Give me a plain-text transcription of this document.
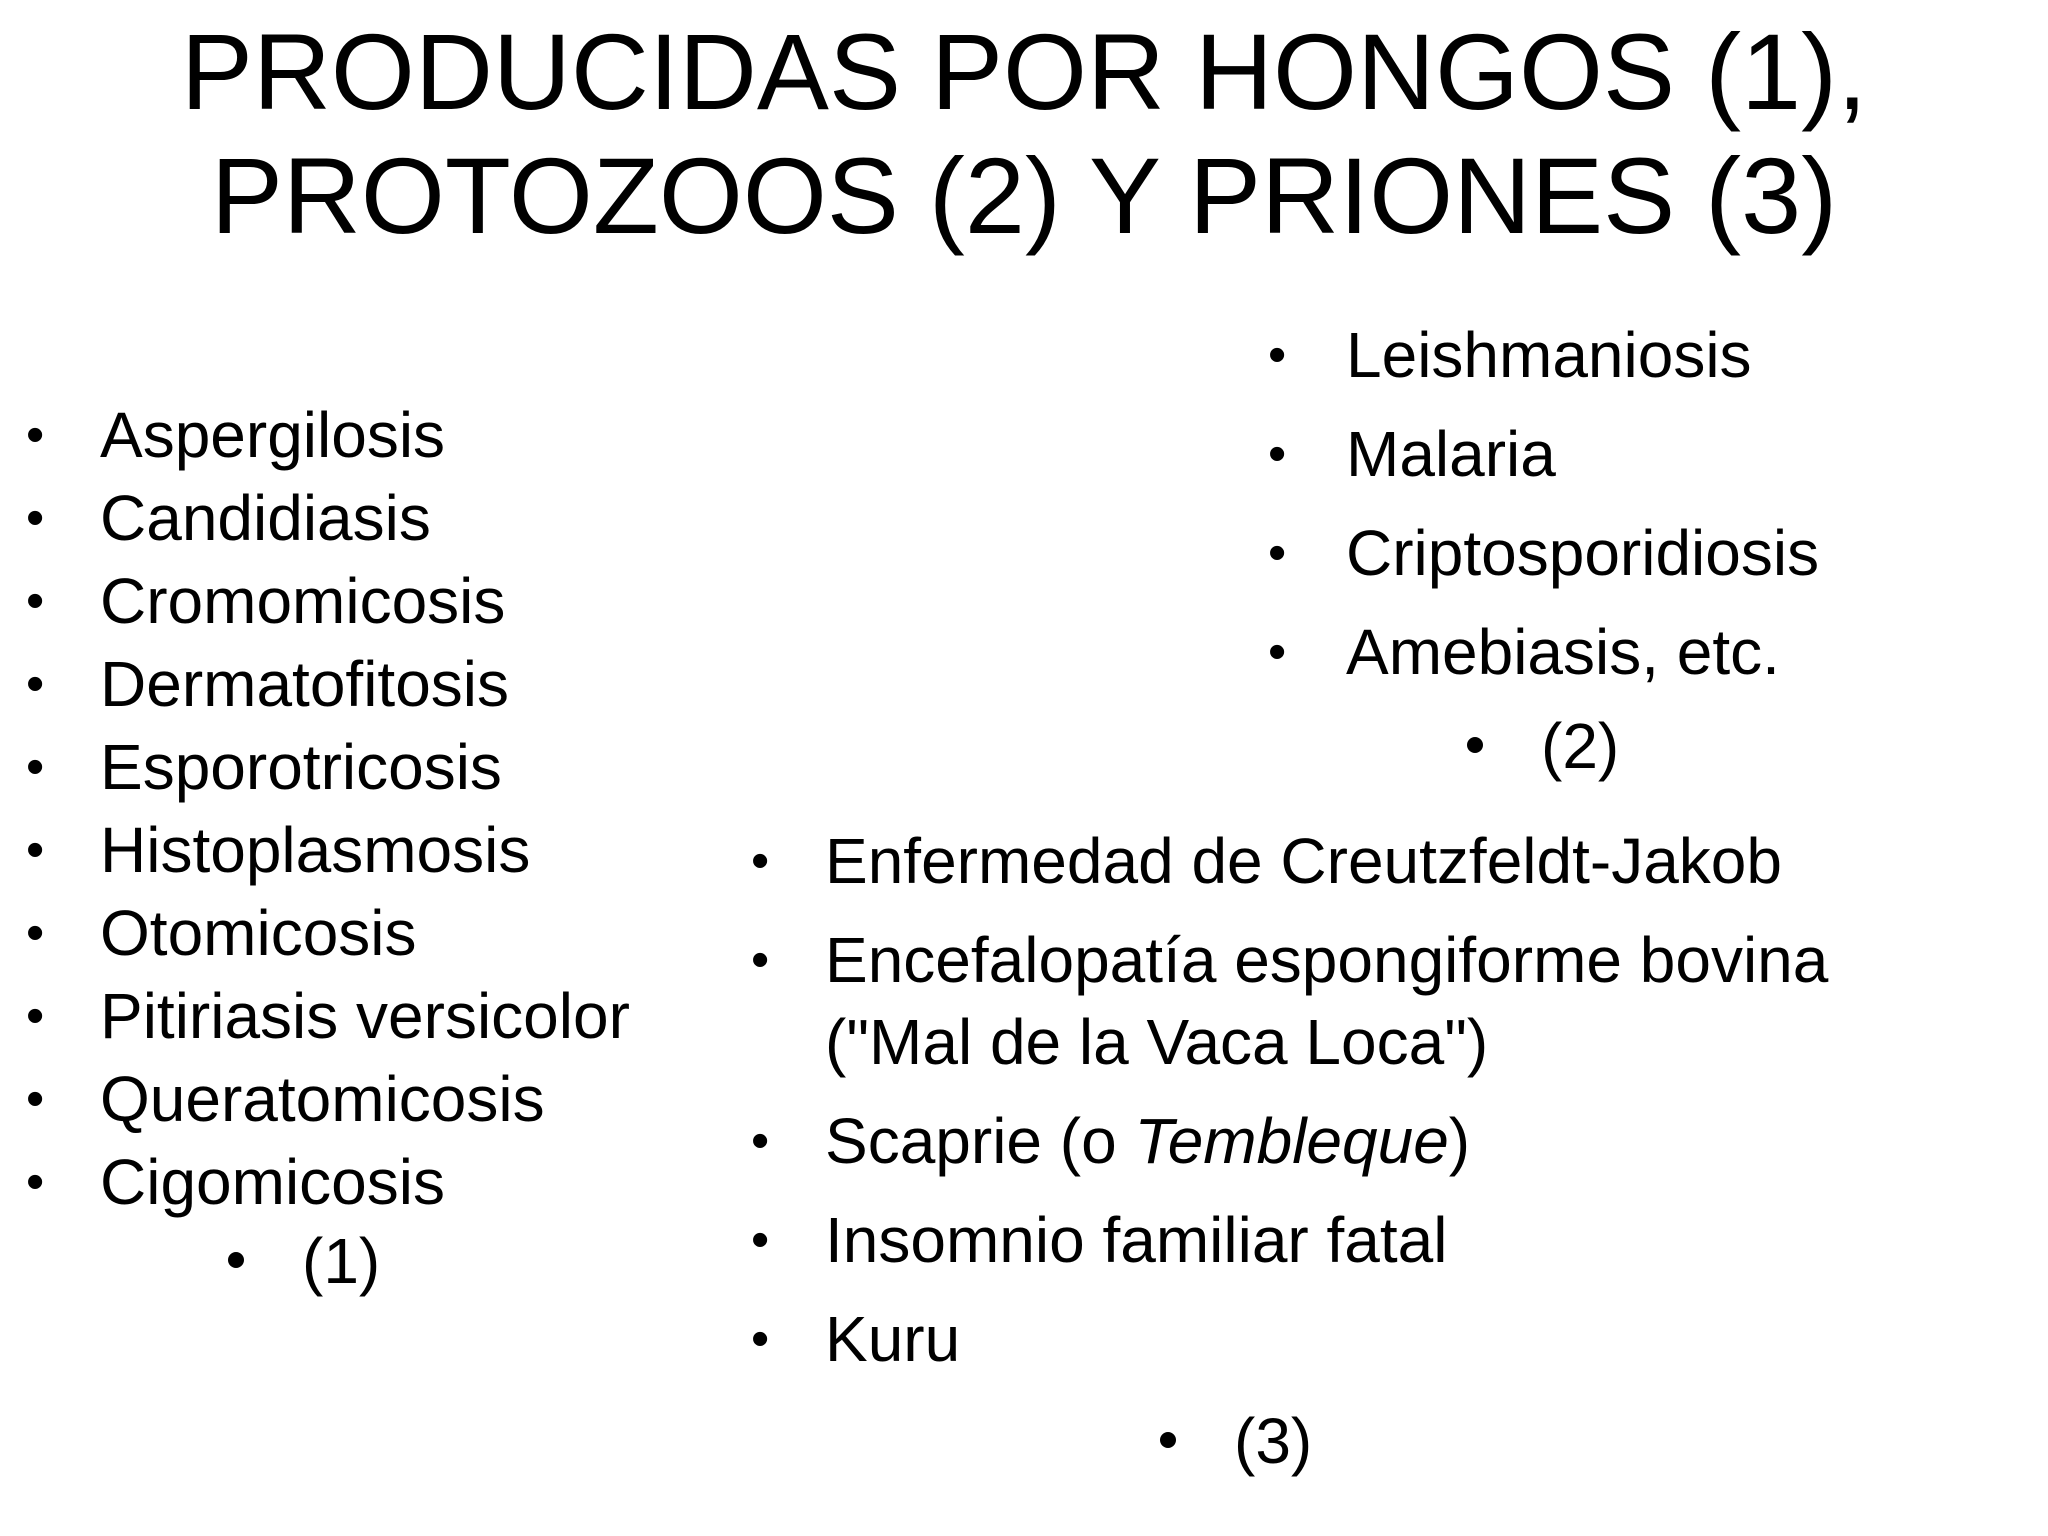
PRODUCIDAS POR HONGOS (1),
PROTOZOOS (2) Y PRIONES (3)
• Aspergilosis
• Candidiasis
• Cromomicosis
• Dermatofitosis
• Esporotricosis
• Histoplasmosis
• Otomicosis
• Pitiriasis versicolor
• Queratomicosis
• Cigomicosis
(1)
• Leishmaniosis
• Malaria
• Criptosporidiosis
• Amebiasis, etc.
(2)
• Enfermedad de Creutzfeldt-Jakob
• Encefalopatía espongiforme bovina
("Mal de la Vaca Loca")
• Scaprie (o Tembleque)
• Insomnio familiar fatal
• Kuru
(3)
